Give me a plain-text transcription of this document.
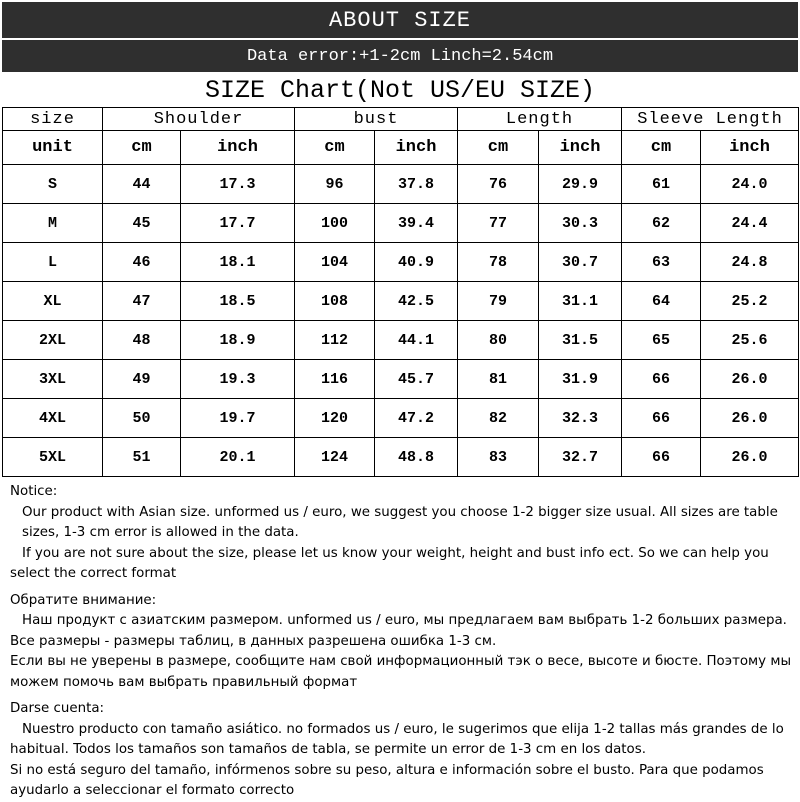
ABOUT SIZE
Data error:+1-2cm Linch=2.54cm
SIZE Chart(Not US/EU SIZE)
size	Shoulder		bust		Length		Sleeve Length	
unit	cm	inch	cm	inch	cm	inch	cm	inch
S	44	17.3	96	37.8	76	29.9	61	24.0
M	45	17.7	100	39.4	77	30.3	62	24.4
L	46	18.1	104	40.9	78	30.7	63	24.8
XL	47	18.5	108	42.5	79	31.1	64	25.2
2XL	48	18.9	112	44.1	80	31.5	65	25.6
3XL	49	19.3	116	45.7	81	31.9	66	26.0
4XL	50	19.7	120	47.2	82	32.3	66	26.0
5XL	51	20.1	124	48.8	83	32.7	66	26.0

Notice:

Our product with Asian size. unformed us / euro, we suggest you choose 1-2 bigger size usual. All sizes are table sizes, 1-3 cm error is allowed in the data.

If you are not sure about the size, please let us know your weight, height and bust info ect. So we can help you select the correct format

Обратите внимание:

Наш продукт с азиатским размером. unformed us / euro, мы предлагаем вам выбрать 1-2 больших размера.

Все размеры - размеры таблиц, в данных разрешена ошибка 1-3 см.

Если вы не уверены в размере, сообщите нам свой информационный тэк о весе, высоте и бюсте. Поэтому мы можем помочь вам выбрать правильный формат

Darse cuenta:

Nuestro producto con tamaño asiático. no formados us / euro, le sugerimos que elija 1-2 tallas más grandes de lo habitual. Todos los tamaños son tamaños de tabla, se permite un error de 1-3 cm en los datos.

Si no está seguro del tamaño, infórmenos sobre su peso, altura e información sobre el busto. Para que podamos ayudarlo a seleccionar el formato correcto
